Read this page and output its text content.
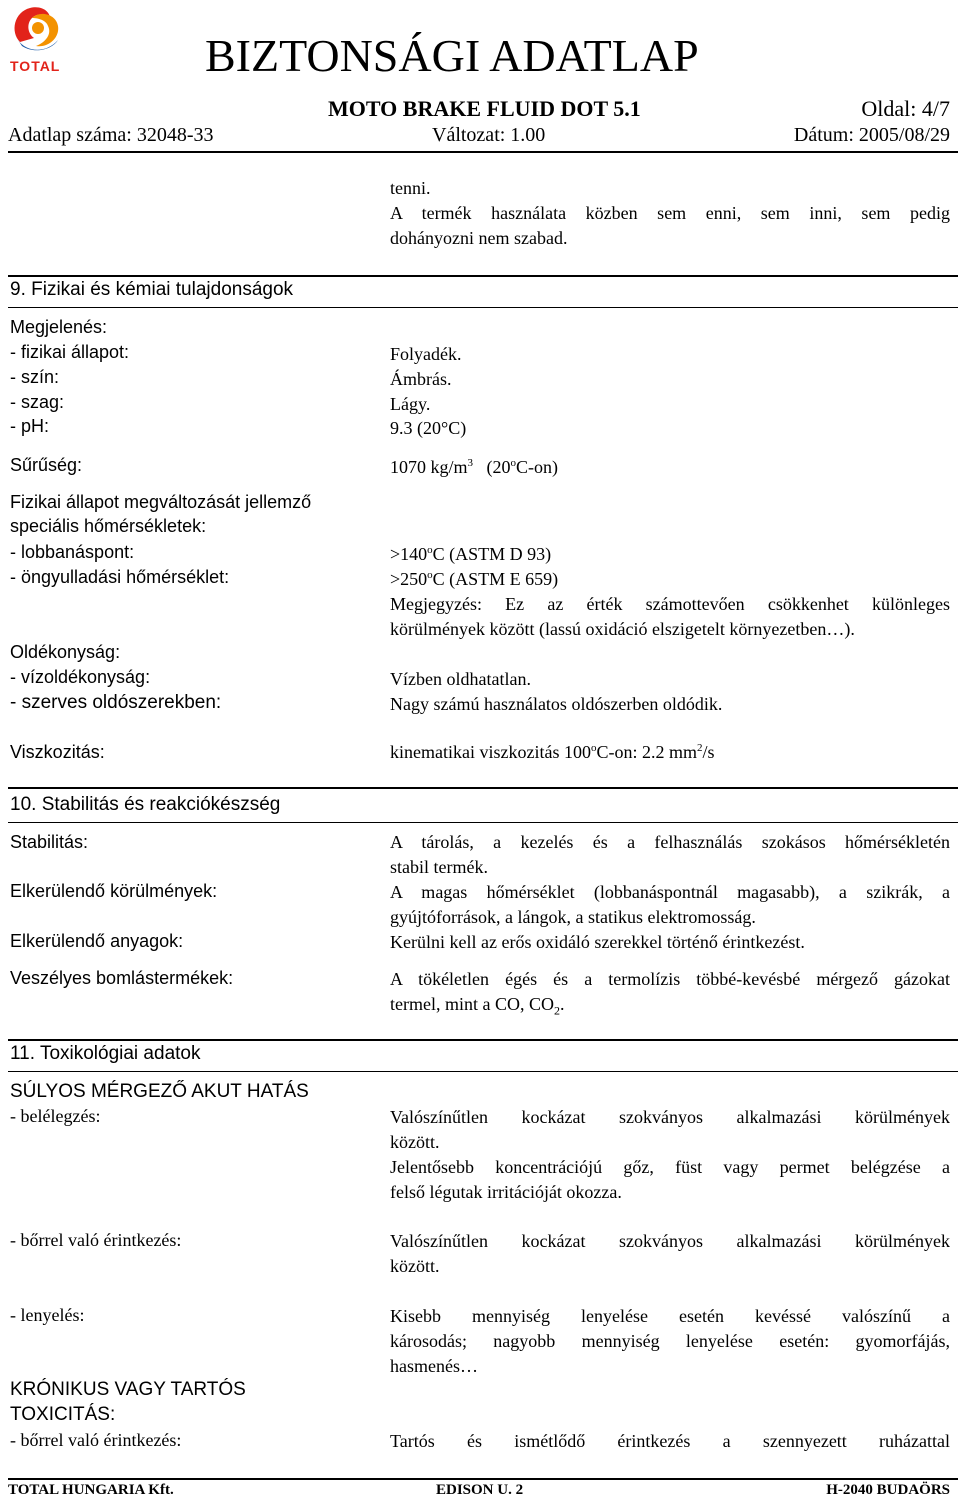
TOTAL	BIZTONSÁGI ADATLAP
MOTO BRAKE FLUID DOT 5.1	Oldal: 4/7
Adatlap száma: 32048-33	Változat: 1.00	Dátum: 2005/08/29
tenni.
A termék használata közben sem enni, sem inni, sem pedig
dohányozni nem szabad.
9. Fizikai és kémiai tulajdonságok
Megjelenés:
- fizikai állapot:	Folyadék.
- szín:	Ámbrás.
- szag:	Lágy.
- pH:	9.3 (20°C)
Sűrűség:	1070 $kg/m^3$ (20$^o$C-on)
Fizikai állapot megváltozását jellemző
speciális hőmérsékletek:
- lobbanáspont:	$>140^oC$ (ASTM D 93)
- öngyulladási hőmérséklet:	$>250^oC$ (ASTM E 659)
Megjegyzés: Ez az érték számottevően csökkenhet különleges
körülmények között (lassú oxidáció elszigetelt környezetben…).
Oldékonyság:
- vízoldékonyság:	Vízben oldhatatlan.
- szerves oldószerekben:	Nagy számú használatos oldószerben oldódik.
Viszkozitás:	kinematikai viszkozitás 100$^o$C-on: 2.2 $mm^2/s$
10. Stabilitás és reakciókészség
Stabilitás:	A tárolás, a kezelés és a felhasználás szokásos hőmérsékletén
stabil termék.
Elkerülendő körülmények:	A magas hőmérséklet (lobbanáspontnál magasabb), a szikrák, a
gyújtóforrások, a lángok, a statikus elektromosság.
Elkerülendő anyagok:	Kerülni kell az erős oxidáló szerekkel történő érintkezést.
Veszélyes bomlástermékek:	A tökéletlen égés és a termolízis többé-kevésbé mérgező gázokat
termel, mint a CO, $CO_2$.
11. Toxikológiai adatok
SÚLYOS MÉRGEZŐ AKUT HATÁS
- belélegzés:	Valószínűtlen kockázat szokványos alkalmazási körülmények
között.
Jelentősebb koncentrációjú gőz, füst vagy permet belégzése a
felső légutak irritációját okozza.
- bőrrel való érintkezés:	Valószínűtlen kockázat szokványos alkalmazási körülmények
között.
- lenyelés:	Kisebb mennyiség lenyelése esetén kevéssé valószínű a
károsodás; nagyobb mennyiség lenyelése esetén: gyomorfájás,
hasmenés…
KRÓNIKUS VAGY TARTÓS
TOXICITÁS:
- bőrrel való érintkezés:	Tartós és ismétlődő érintkezés a szennyezett ruházattal
TOTAL HUNGARIA Kft.	EDISON U. 2	H-2040 BUDAÖRS
